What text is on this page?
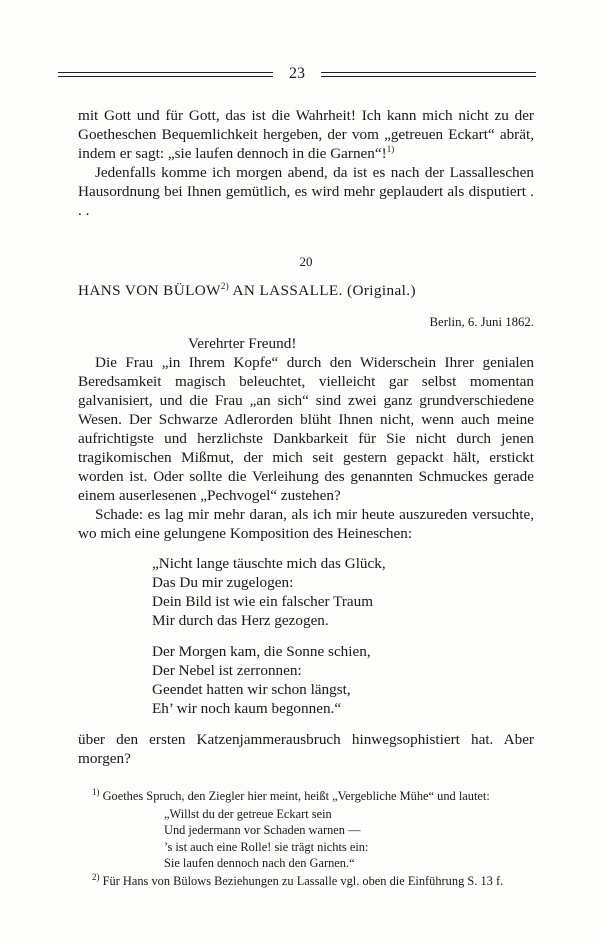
23

mit Gott und für Gott, das ist die Wahrheit! Ich kann mich nicht zu der Goetheschen Bequemlichkeit hergeben, der vom „getreuen Eckart“ abrät, indem er sagt: „sie laufen dennoch in die Garnen“!$^{1)}$

Jedenfalls komme ich morgen abend, da ist es nach der Lassalleschen Hausordnung bei Ihnen gemütlich, es wird mehr geplaudert als disputiert . . .

20
HANS VON BÜLOW$^{2)}$ AN LASSALLE. (Original.)
Berlin, 6. Juni 1862.
Verehrter Freund!

Die Frau „in Ihrem Kopfe“ durch den Widerschein Ihrer genialen Beredsamkeit magisch beleuchtet, vielleicht gar selbst momentan galvanisiert, und die Frau „an sich“ sind zwei ganz grundverschiedene Wesen. Der Schwarze Adlerorden blüht Ihnen nicht, wenn auch meine aufrichtigste und herzlichste Dankbarkeit für Sie nicht durch jenen tragikomischen Mißmut, der mich seit gestern gepackt hält, erstickt worden ist. Oder sollte die Verleihung des genannten Schmuckes gerade einem auserlesenen „Pechvogel“ zustehen?

Schade: es lag mir mehr daran, als ich mir heute auszureden versuchte, wo mich eine gelungene Komposition des Heineschen:

„Nicht lange täuschte mich das Glück,
Das Du mir zugelogen:
Dein Bild ist wie ein falscher Traum
Mir durch das Herz gezogen.
Der Morgen kam, die Sonne schien,
Der Nebel ist zerronnen:
Geendet hatten wir schon längst,
Eh’ wir noch kaum begonnen.“

über den ersten Katzenjammerausbruch hinwegsophistiert hat. Aber morgen?

$^{1)}$ Goethes Spruch, den Ziegler hier meint, heißt „Vergebliche Mühe“ und lautet:

„Willst du der getreue Eckart sein
Und jedermann vor Schaden warnen —
’s ist auch eine Rolle! sie trägt nichts ein:
Sie laufen dennoch nach den Garnen.“

$^{2)}$ Für Hans von Bülows Beziehungen zu Lassalle vgl. oben die Einführung S. 13 f.
